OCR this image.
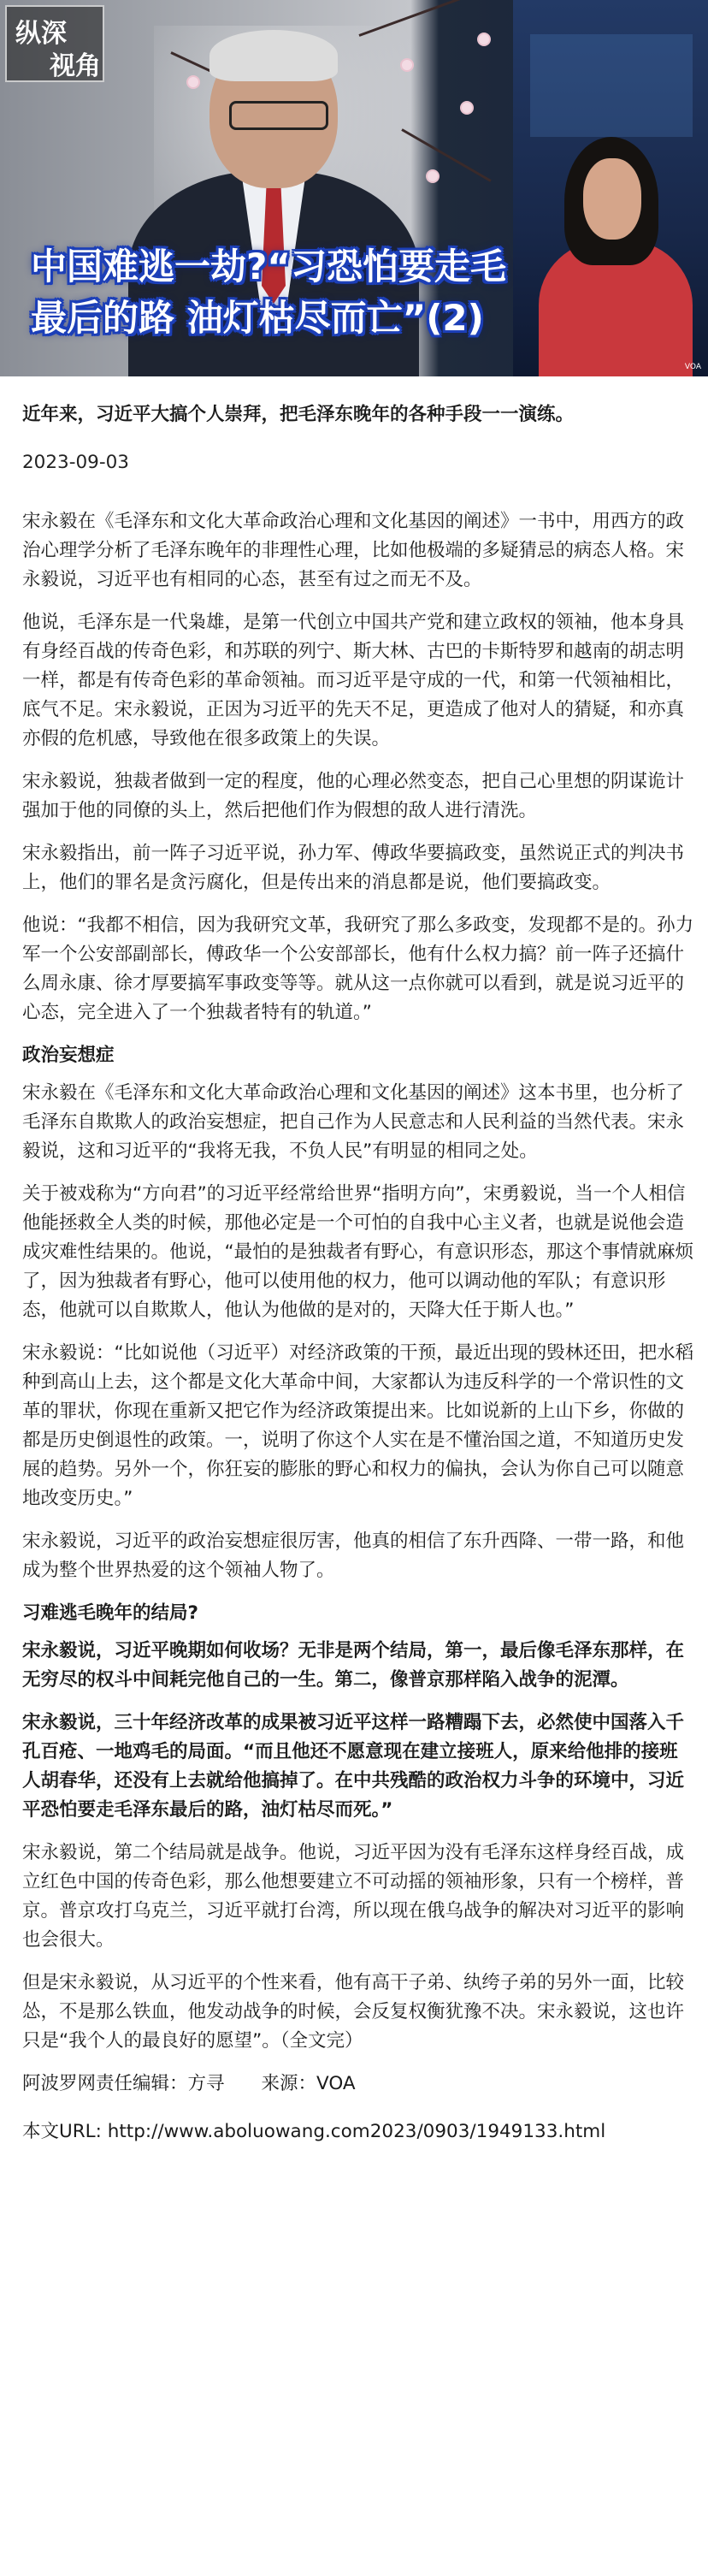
纵深
视角
中国难逃一劫?“习恐怕要走毛
最后的路 油灯枯尽而亡”(2)
VOA

近年来，习近平大搞个人崇拜，把毛泽东晚年的各种手段一一演练。

2023-09-03

宋永毅在《毛泽东和文化大革命政治心理和文化基因的阐述》一书中，用西方的政治心理学分析了毛泽东晚年的非理性心理，比如他极端的多疑猜忌的病态人格。宋永毅说，习近平也有相同的心态，甚至有过之而无不及。

他说，毛泽东是一代枭雄，是第一代创立中国共产党和建立政权的领袖，他本身具有身经百战的传奇色彩，和苏联的列宁、斯大林、古巴的卡斯特罗和越南的胡志明一样，都是有传奇色彩的革命领袖。而习近平是守成的一代，和第一代领袖相比，底气不足。宋永毅说，正因为习近平的先天不足，更造成了他对人的猜疑，和亦真亦假的危机感，导致他在很多政策上的失误。

宋永毅说，独裁者做到一定的程度，他的心理必然变态，把自己心里想的阴谋诡计强加于他的同僚的头上，然后把他们作为假想的敌人进行清洗。

宋永毅指出，前一阵子习近平说，孙力军、傅政华要搞政变，虽然说正式的判决书上，他们的罪名是贪污腐化，但是传出来的消息都是说，他们要搞政变。

他说：“我都不相信，因为我研究文革，我研究了那么多政变，发现都不是的。孙力军一个公安部副部长，傅政华一个公安部部长，他有什么权力搞？前一阵子还搞什么周永康、徐才厚要搞军事政变等等。就从这一点你就可以看到，就是说习近平的心态，完全进入了一个独裁者特有的轨道。”

政治妄想症

宋永毅在《毛泽东和文化大革命政治心理和文化基因的阐述》这本书里，也分析了毛泽东自欺欺人的政治妄想症，把自己作为人民意志和人民利益的当然代表。宋永毅说，这和习近平的“我将无我，不负人民”有明显的相同之处。

关于被戏称为“方向君”的习近平经常给世界“指明方向”，宋勇毅说，当一个人相信他能拯救全人类的时候，那他必定是一个可怕的自我中心主义者，也就是说他会造成灾难性结果的。他说，“最怕的是独裁者有野心，有意识形态，那这个事情就麻烦了，因为独裁者有野心，他可以使用他的权力，他可以调动他的军队；有意识形态，他就可以自欺欺人，他认为他做的是对的，天降大任于斯人也。”

宋永毅说：“比如说他（习近平）对经济政策的干预，最近出现的毁林还田，把水稻种到高山上去，这个都是文化大革命中间，大家都认为违反科学的一个常识性的文革的罪状，你现在重新又把它作为经济政策提出来。比如说新的上山下乡，你做的都是历史倒退性的政策。一，说明了你这个人实在是不懂治国之道，不知道历史发展的趋势。另外一个，你狂妄的膨胀的野心和权力的偏执，会认为你自己可以随意地改变历史。”

宋永毅说，习近平的政治妄想症很厉害，他真的相信了东升西降、一带一路，和他成为整个世界热爱的这个领袖人物了。

习难逃毛晚年的结局?

宋永毅说，习近平晚期如何收场？无非是两个结局，第一，最后像毛泽东那样，在无穷尽的权斗中间耗完他自己的一生。第二，像普京那样陷入战争的泥潭。

宋永毅说，三十年经济改革的成果被习近平这样一路糟蹋下去，必然使中国落入千孔百疮、一地鸡毛的局面。“而且他还不愿意现在建立接班人，原来给他排的接班人胡春华，还没有上去就给他搞掉了。在中共残酷的政治权力斗争的环境中，习近平恐怕要走毛泽东最后的路，油灯枯尽而死。”

宋永毅说，第二个结局就是战争。他说，习近平因为没有毛泽东这样身经百战，成立红色中国的传奇色彩，那么他想要建立不可动摇的领袖形象，只有一个榜样，普京。普京攻打乌克兰，习近平就打台湾，所以现在俄乌战争的解决对习近平的影响也会很大。

但是宋永毅说，从习近平的个性来看，他有高干子弟、纨绔子弟的另外一面，比较怂，不是那么铁血，他发动战争的时候，会反复权衡犹豫不决。宋永毅说，这也许只是“我个人的最良好的愿望”。（全文完）

阿波罗网责任编辑：方寻　　来源：VOA

本文URL: http://www.aboluowang.com2023/0903/1949133.html
